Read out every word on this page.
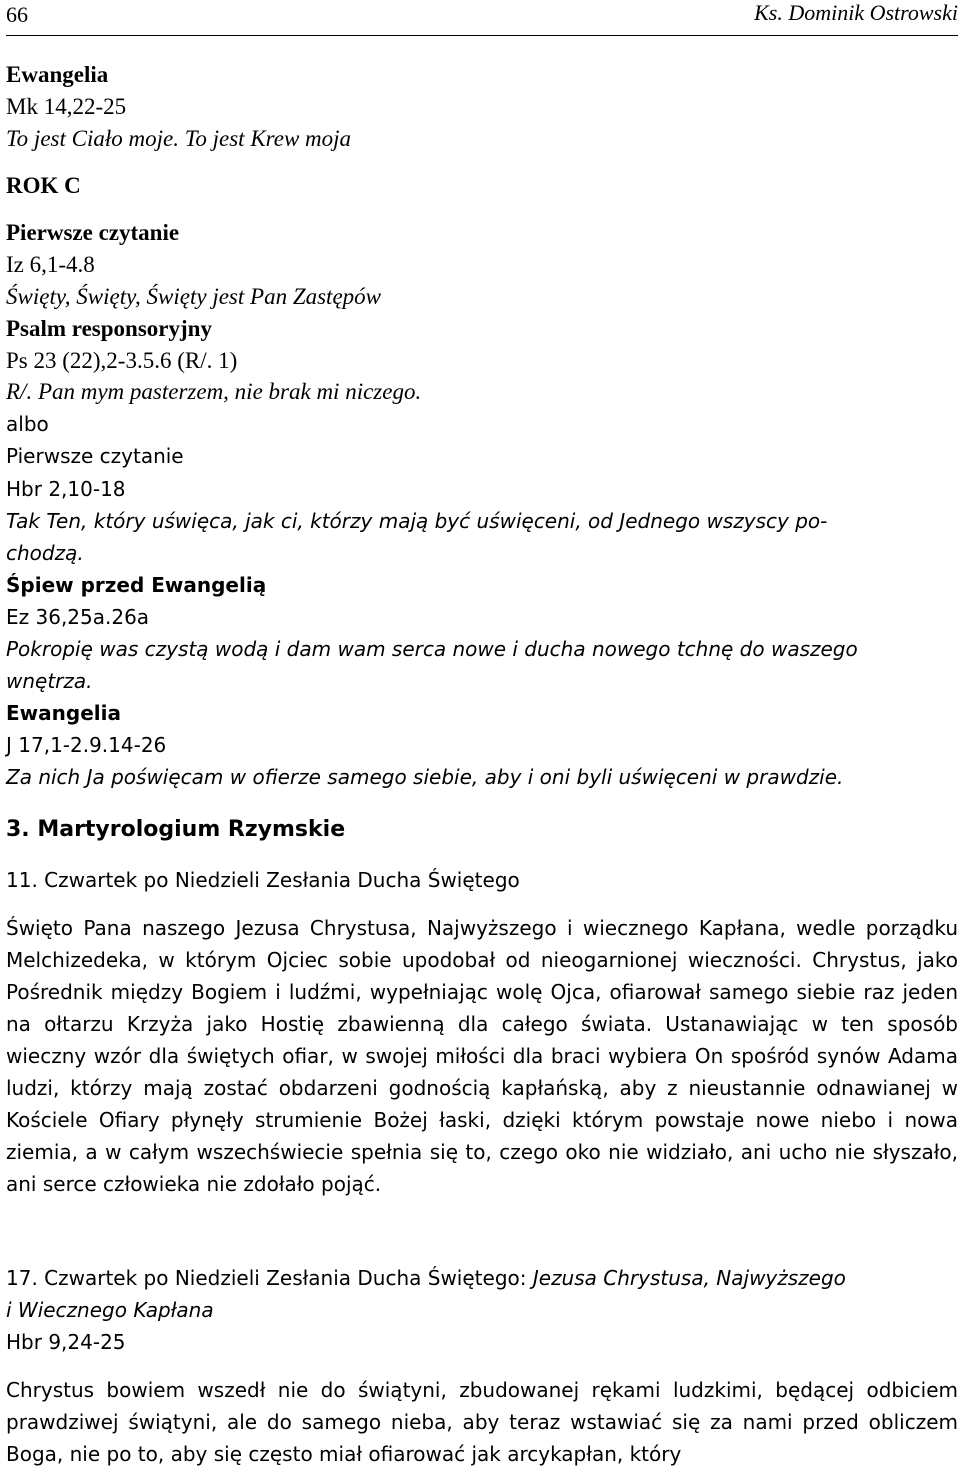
66	Ks. Dominik Ostrowski
Ewangelia
Mk 14,22-25
To jest Ciało moje. To jest Krew moja
ROK C
Pierwsze czytanie
Iz 6,1-4.8
Święty, Święty, Święty jest Pan Zastępów
Psalm responsoryjny
Ps 23 (22),2-3.5.6 (R/. 1)
R/. Pan mym pasterzem, nie brak mi niczego.
albo
Pierwsze czytanie
Hbr 2,10-18
Tak Ten, który uświęca, jak ci, którzy mają być uświęceni, od Jednego wszyscy po-
chodzą.
Śpiew przed Ewangelią
Ez 36,25a.26a
Pokropię was czystą wodą i dam wam serca nowe i ducha nowego tchnę do waszego
wnętrza.
Ewangelia
J 17,1-2.9.14-26
Za nich Ja poświęcam w ofierze samego siebie, aby i oni byli uświęceni w prawdzie.
3. Martyrologium Rzymskie
11. Czwartek po Niedzieli Zesłania Ducha Świętego

Święto Pana naszego Jezusa Chrystusa, Najwyższego i wiecznego Kapłana, wedle porządku Melchizedeka, w którym Ojciec sobie upodobał od nieogarnionej wieczności. Chrystus, jako Pośrednik między Bogiem i ludźmi, wypełniając wolę Ojca, ofiarował samego siebie raz jeden na ołtarzu Krzyża jako Hostię zbawienną dla całego świata. Ustanawiając w ten sposób wieczny wzór dla świętych ofiar, w swojej miłości dla braci wybiera On spośród synów Adama ludzi, którzy mają zostać obdarzeni godnością kapłańską, aby z nieustannie odnawianej w Kościele Ofiary płynęły strumienie Bożej łaski, dzięki którym powstaje nowe niebo i nowa ziemia, a w całym wszechświecie spełnia się to, czego oko nie widziało, ani ucho nie słyszało, ani serce człowieka nie zdołało pojąć.

17. Czwartek po Niedzieli Zesłania Ducha Świętego: Jezusa Chrystusa, Najwyższego
i Wiecznego Kapłana
Hbr 9,24-25

Chrystus bowiem wszedł nie do świątyni, zbudowanej rękami ludzkimi, będącej odbiciem prawdziwej świątyni, ale do samego nieba, aby teraz wstawiać się za nami przed obliczem Boga, nie po to, aby się często miał ofiarować jak arcykapłan, który
